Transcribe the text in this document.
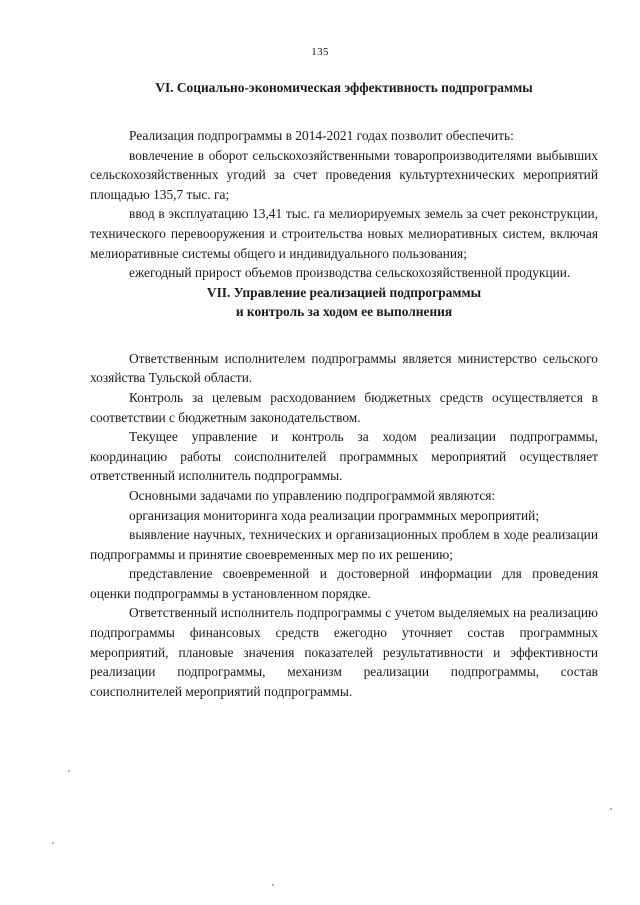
135

VI. Социально-экономическая эффективность подпрограммы

Реализация подпрограммы в 2014-2021 годах позволит обеспечить:

вовлечение в оборот сельскохозяйственными товаропроизводителями выбывших сельскохозяйственных угодий за счет проведения культуртехнических мероприятий площадью 135,7 тыс. га;

ввод в эксплуатацию 13,41 тыс. га мелиорируемых земель за счет реконструкции, технического перевооружения и строительства новых мелиоративных систем, включая мелиоративные системы общего и индивидуального пользования;

ежегодный прирост объемов производства сельскохозяйственной продукции.

VII. Управление реализацией подпрограммы
и контроль за ходом ее выполнения

Ответственным исполнителем подпрограммы является министерство сельского хозяйства Тульской области.

Контроль за целевым расходованием бюджетных средств осуществляется в соответствии с бюджетным законодательством.

Текущее управление и контроль за ходом реализации подпрограммы, координацию работы соисполнителей программных мероприятий осуществляет ответственный исполнитель подпрограммы.

Основными задачами по управлению подпрограммой являются:

организация мониторинга хода реализации программных мероприятий;

выявление научных, технических и организационных проблем в ходе реализации подпрограммы и принятие своевременных мер по их решению;

представление своевременной и достоверной информации для проведения оценки подпрограммы в установленном порядке.

Ответственный исполнитель подпрограммы с учетом выделяемых на реализацию подпрограммы финансовых средств ежегодно уточняет состав программных мероприятий, плановые значения показателей результативности и эффективности реализации подпрограммы, механизм реализации подпрограммы, состав соисполнителей мероприятий подпрограммы.
